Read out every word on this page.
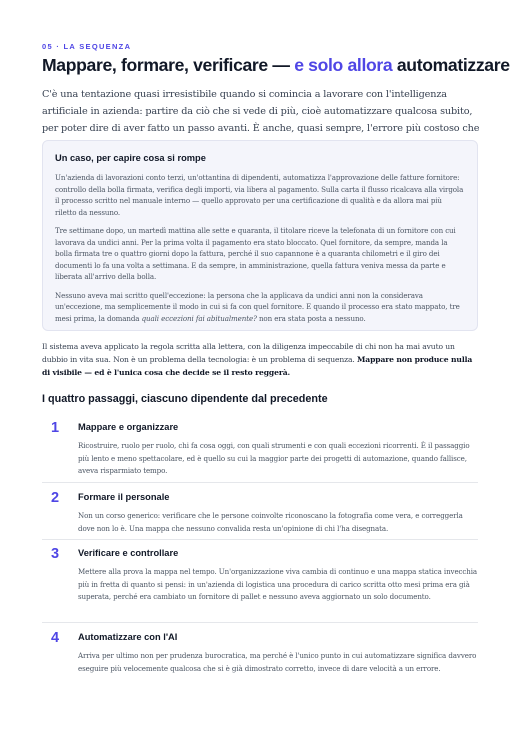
05 · LA SEQUENZA
Mappare, formare, verificare — e solo allora automatizzare

C'è una tentazione quasi irresistibile quando si comincia a lavorare con l'intelligenza artificiale in azienda: partire da ciò che si vede di più, cioè automatizzare qualcosa subito, per poter dire di aver fatto un passo avanti. È anche, quasi sempre, l'errore più costoso che

Un caso, per capire cosa si rompe

Un'azienda di lavorazioni conto terzi, un'ottantina di dipendenti, automatizza l'approvazione delle fatture fornitore: controllo della bolla firmata, verifica degli importi, via libera al pagamento. Sulla carta il flusso ricalcava alla virgola il processo scritto nel manuale interno — quello approvato per una certificazione di qualità e da allora mai più riletto da nessuno.

Tre settimane dopo, un martedì mattina alle sette e quaranta, il titolare riceve la telefonata di un fornitore con cui lavorava da undici anni. Per la prima volta il pagamento era stato bloccato. Quel fornitore, da sempre, manda la bolla firmata tre o quattro giorni dopo la fattura, perché il suo capannone è a quaranta chilometri e il giro dei documenti lo fa una volta a settimana. E da sempre, in amministrazione, quella fattura veniva messa da parte e liberata all'arrivo della bolla.

Nessuno aveva mai scritto quell'eccezione: la persona che la applicava da undici anni non la considerava un'eccezione, ma semplicemente il modo in cui si fa con quel fornitore. E quando il processo era stato mappato, tre mesi prima, la domanda quali eccezioni fai abitualmente? non era stata posta a nessuno.

Il sistema aveva applicato la regola scritta alla lettera, con la diligenza impeccabile di chi non ha mai avuto un dubbio in vita sua. Non è un problema della tecnologia: è un problema di sequenza. Mappare non produce nulla di visibile — ed è l'unica cosa che decide se il resto reggerà.

I quattro passaggi, ciascuno dipendente dal precedente
1 Mappare e organizzare

Ricostruire, ruolo per ruolo, chi fa cosa oggi, con quali strumenti e con quali eccezioni ricorrenti. È il passaggio più lento e meno spettacolare, ed è quello su cui la maggior parte dei progetti di automazione, quando fallisce, aveva risparmiato tempo.

2 Formare il personale

Non un corso generico: verificare che le persone coinvolte riconoscano la fotografia come vera, e correggerla dove non lo è. Una mappa che nessuno convalida resta un'opinione di chi l'ha disegnata.

3 Verificare e controllare

Mettere alla prova la mappa nel tempo. Un'organizzazione viva cambia di continuo e una mappa statica invecchia più in fretta di quanto si pensi: in un'azienda di logistica una procedura di carico scritta otto mesi prima era già superata, perché era cambiato un fornitore di pallet e nessuno aveva aggiornato un solo documento.

4 Automatizzare con l'AI

Arriva per ultimo non per prudenza burocratica, ma perché è l'unico punto in cui automatizzare significa davvero eseguire più velocemente qualcosa che si è già dimostrato corretto, invece di dare velocità a un errore.
